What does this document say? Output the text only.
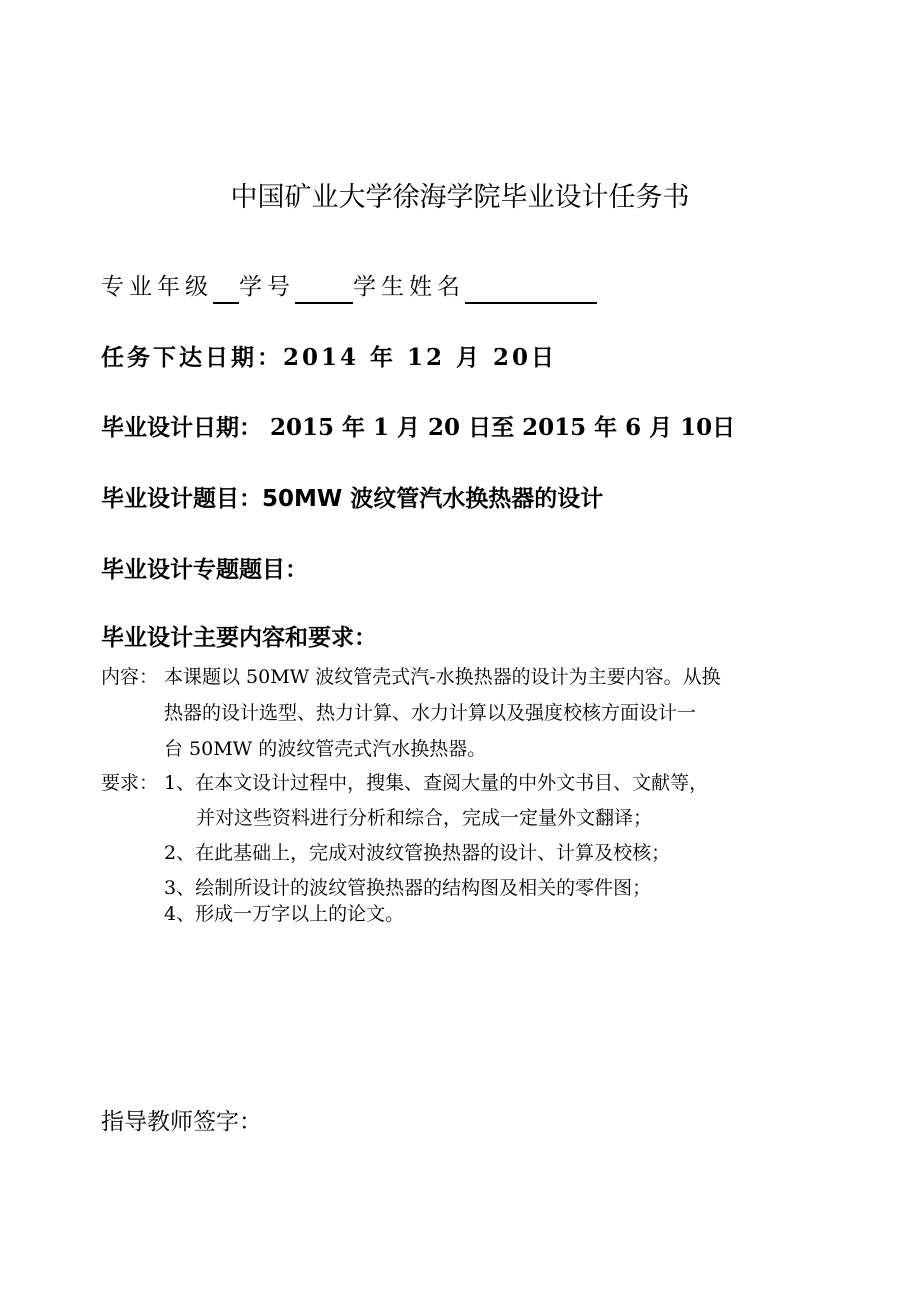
中国矿业大学徐海学院毕业设计任务书
专业年级 学号	学生姓名
任务下达日期：2014 年 12 月 20日
毕业设计日期： 2015 年 1 月 20 日至 2015 年 6 月 10日
毕业设计题目：50MW 波纹管汽水换热器的设计
毕业设计专题题目：
毕业设计主要内容和要求：
内容： 本课题以 50MW 波纹管壳式汽-水换热器的设计为主要内容。从换
热器的设计选型、热力计算、水力计算以及强度校核方面设计一
台 50MW 的波纹管壳式汽水换热器。
要求： 1、在本文设计过程中，搜集、查阅大量的中外文书目、文献等，
并对这些资料进行分析和综合，完成一定量外文翻译；
2、在此基础上，完成对波纹管换热器的设计、计算及校核；
3、绘制所设计的波纹管换热器的结构图及相关的零件图；
4、形成一万字以上的论文。
指导教师签字：
